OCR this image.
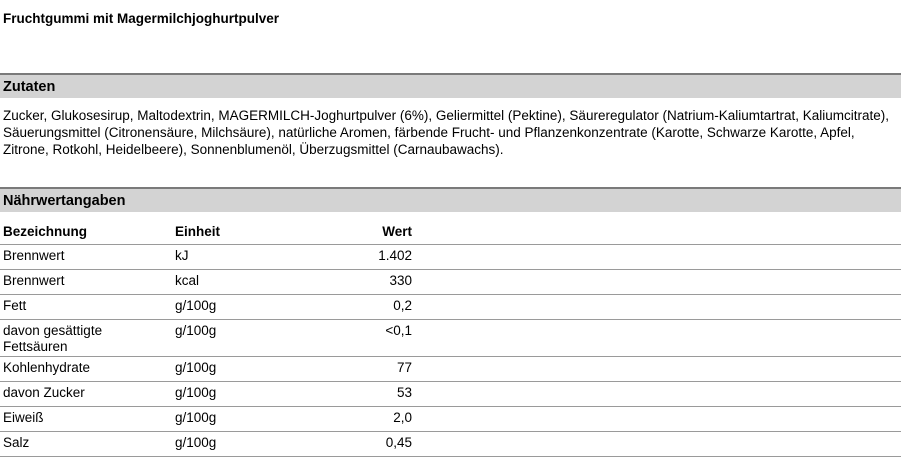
Fruchtgummi mit Magermilchjoghurtpulver
Zutaten
Zucker, Glukosesirup, Maltodextrin, MAGERMILCH-Joghurtpulver (6%), Geliermittel (Pektine), Säureregulator (Natrium-Kaliumtartrat, Kaliumcitrate), Säuerungsmittel (Citronensäure, Milchsäure), natürliche Aromen, färbende Frucht- und Pflanzenkonzentrate (Karotte, Schwarze Karotte, Apfel, Zitrone, Rotkohl, Heidelbeere), Sonnenblumenöl, Überzugsmittel (Carnaubawachs).
Nährwertangaben
Bezeichnung	Einheit	Wert	
Brennwert	kJ	1.402	
Brennwert	kcal	330	
Fett	g/100g	0,2	
davon gesättigte Fettsäuren	g/100g	<0,1	
Kohlenhydrate	g/100g	77	
davon Zucker	g/100g	53	
Eiweiß	g/100g	2,0	
Salz	g/100g	0,45	
